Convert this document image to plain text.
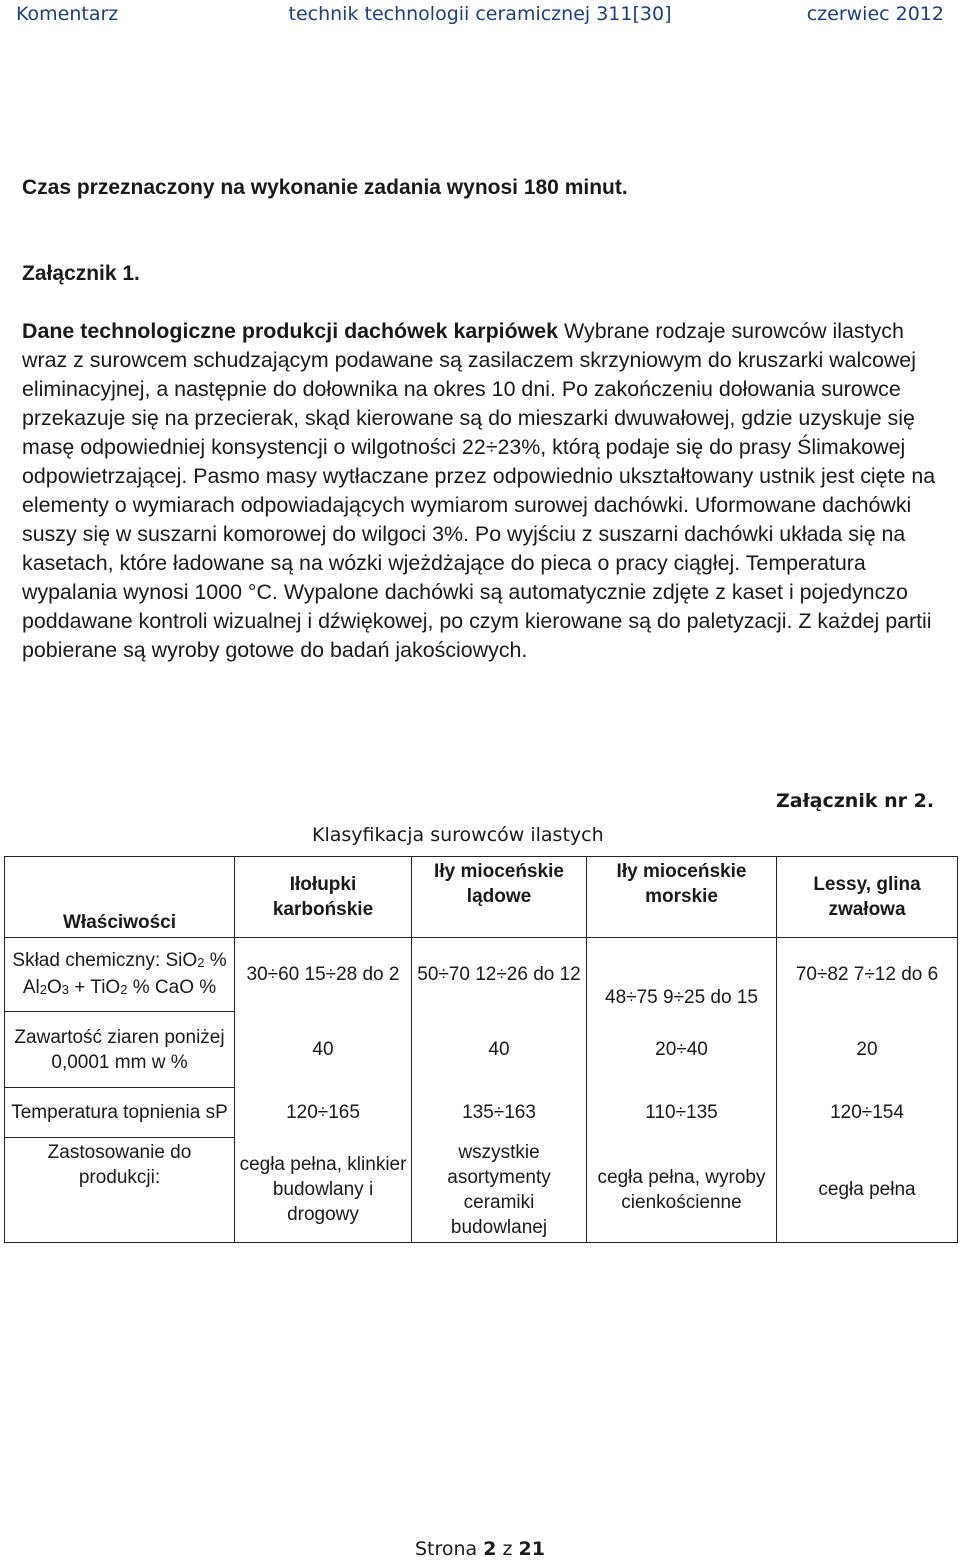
Komentarz	technik technologii ceramicznej 311[30]	czerwiec 2012
Czas przeznaczony na wykonanie zadania wynosi 180 minut.
Załącznik 1.
Dane technologiczne produkcji dachówek karpiówek Wybrane rodzaje surowców ilastych wraz z surowcem schudzającym podawane są zasilaczem skrzyniowym do kruszarki walcowej eliminacyjnej, a następnie do dołownika na okres 10 dni. Po zakończeniu dołowania surowce przekazuje się na przecierak, skąd kierowane są do mieszarki dwuwałowej, gdzie uzyskuje się masę odpowiedniej konsystencji o wilgotności 22÷23%, którą podaje się do prasy Ślimakowej odpowietrzającej. Pasmo masy wytłaczane przez odpowiednio ukształtowany ustnik jest cięte na elementy o wymiarach odpowiadających wymiarom surowej dachówki. Uformowane dachówki suszy się w suszarni komorowej do wilgoci 3%. Po wyjściu z suszarni dachówki układa się na kasetach, które ładowane są na wózki wjeżdżające do pieca o pracy ciągłej. Temperatura wypalania wynosi 1000 °C. Wypalone dachówki są automatycznie zdjęte z kaset i pojedynczo poddawane kontroli wizualnej i dźwiękowej, po czym kierowane są do paletyzacji. Z każdej partii pobierane są wyroby gotowe do badań jakościowych.
Załącznik nr 2.
Klasyfikacja surowców ilastych
Właściwości	Iłołupki karbońskie	Iły mioceńskie lądowe	Iły mioceńskie morskie	Lessy, glina zwałowa
Skład chemiczny: SiO$_2$ % $Al_2O_3 + TiO_2$ % CaO %	30÷60 15÷28 do 2	50÷70 12÷26 do 12	48÷75 9÷25 do 15	70÷82 7÷12 do 6
Zawartość ziaren poniżej 0,0001 mm w %	40	40	20÷40	20
Temperatura topnienia sP	120÷165	135÷163	110÷135	120÷154
Zastosowanie do produkcji:	cegła pełna, klinkier budowlany i drogowy	wszystkie asortymenty ceramiki budowlanej	cegła pełna, wyroby cienkościenne	cegła pełna
Strona 2 z 21
